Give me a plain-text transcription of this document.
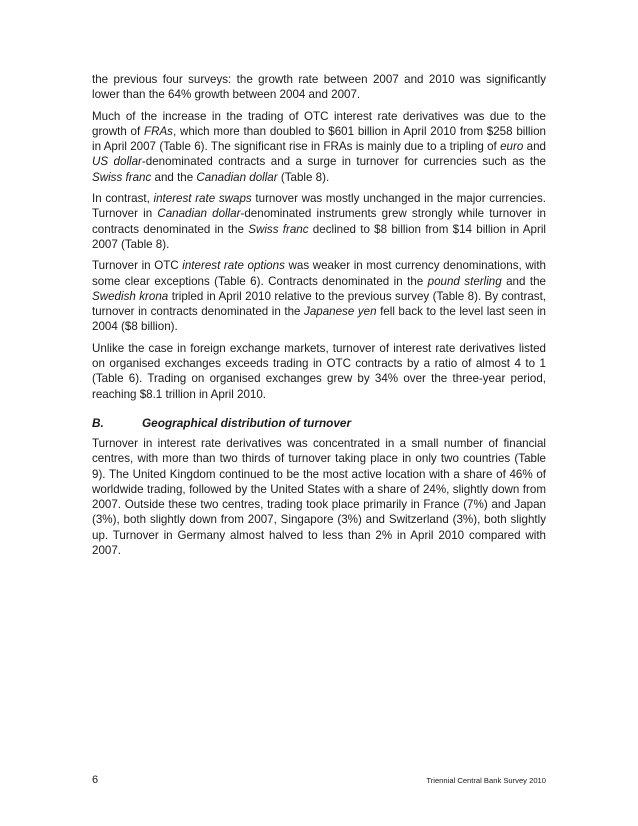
the previous four surveys: the growth rate between 2007 and 2010 was significantly lower than the 64% growth between 2004 and 2007.

Much of the increase in the trading of OTC interest rate derivatives was due to the growth of FRAs, which more than doubled to $601 billion in April 2010 from $258 billion in April 2007 (Table 6). The significant rise in FRAs is mainly due to a tripling of euro and US dollar-denominated contracts and a surge in turnover for currencies such as the Swiss franc and the Canadian dollar (Table 8).

In contrast, interest rate swaps turnover was mostly unchanged in the major currencies. Turnover in Canadian dollar-denominated instruments grew strongly while turnover in contracts denominated in the Swiss franc declined to $8 billion from $14 billion in April 2007 (Table 8).

Turnover in OTC interest rate options was weaker in most currency denominations, with some clear exceptions (Table 6). Contracts denominated in the pound sterling and the Swedish krona tripled in April 2010 relative to the previous survey (Table 8). By contrast, turnover in contracts denominated in the Japanese yen fell back to the level last seen in 2004 ($8 billion).

Unlike the case in foreign exchange markets, turnover of interest rate derivatives listed on organised exchanges exceeds trading in OTC contracts by a ratio of almost 4 to 1 (Table 6). Trading on organised exchanges grew by 34% over the three-year period, reaching $8.1 trillion in April 2010.

B.	Geographical distribution of turnover

Turnover in interest rate derivatives was concentrated in a small number of financial centres, with more than two thirds of turnover taking place in only two countries (Table 9). The United Kingdom continued to be the most active location with a share of 46% of worldwide trading, followed by the United States with a share of 24%, slightly down from 2007. Outside these two centres, trading took place primarily in France (7%) and Japan (3%), both slightly down from 2007, Singapore (3%) and Switzerland (3%), both slightly up. Turnover in Germany almost halved to less than 2% in April 2010 compared with 2007.

6	Triennial Central Bank Survey 2010
